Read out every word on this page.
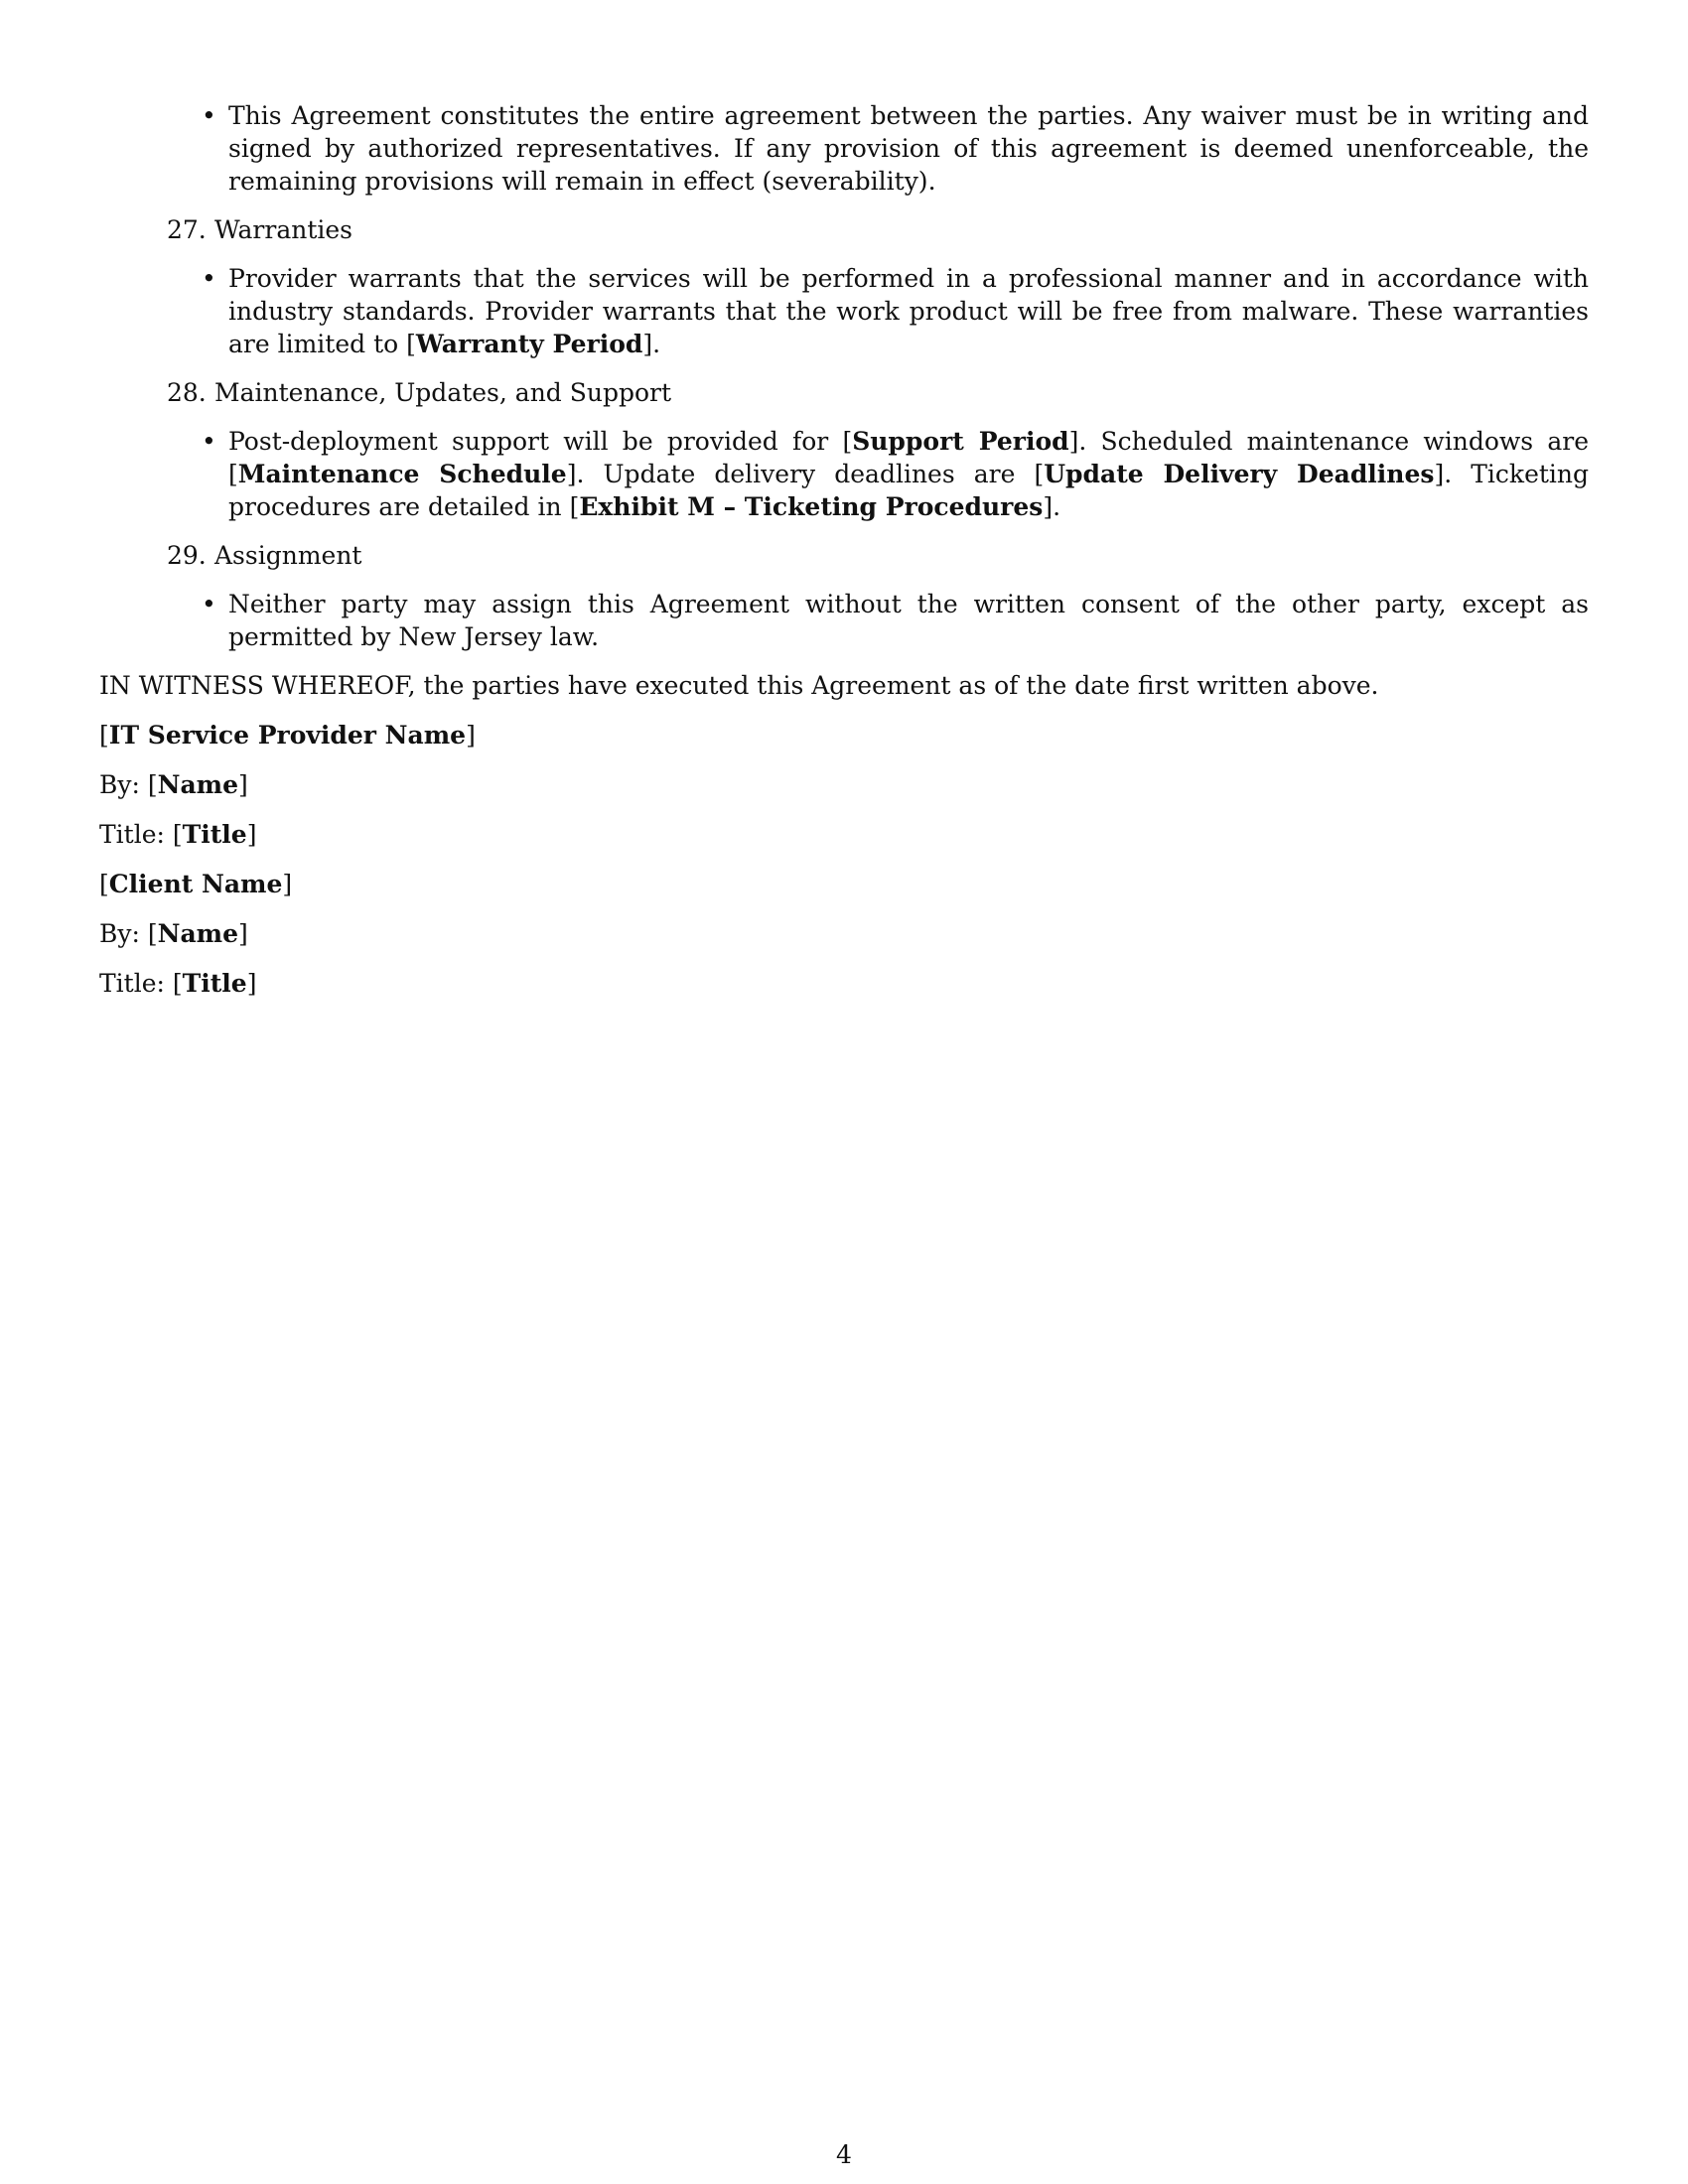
• This Agreement constitutes the entire agreement between the parties. Any waiver must be in writing and signed by authorized representatives. If any provision of this agreement is deemed unenforceable, the remaining provisions will remain in effect (severability).
27. Warranties
• Provider warrants that the services will be performed in a professional manner and in accordance with industry standards. Provider warrants that the work product will be free from malware. These warranties are limited to [Warranty Period].
28. Maintenance, Updates, and Support
• Post-deployment support will be provided for [Support Period]. Scheduled maintenance windows are [Maintenance Schedule]. Update delivery deadlines are [Update Delivery Deadlines]. Ticketing procedures are detailed in [Exhibit M – Ticketing Procedures].
29. Assignment
• Neither party may assign this Agreement without the written consent of the other party, except as permitted by New Jersey law.

IN WITNESS WHEREOF, the parties have executed this Agreement as of the date first written above.

[IT Service Provider Name]

By: [Name]

Title: [Title]

[Client Name]

By: [Name]

Title: [Title]

4
